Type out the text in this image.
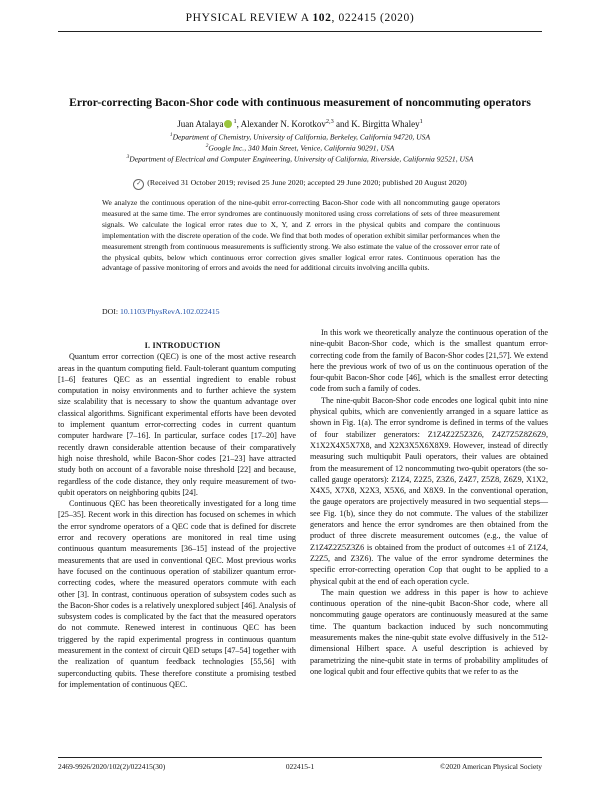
PHYSICAL REVIEW A 102, 022415 (2020)
Error-correcting Bacon-Shor code with continuous measurement of noncommuting operators
Juan Atalaya $^1$, Alexander N. Korotkov$^{2,3}$ and K. Birgitta Whaley$^1$
$^1$Department of Chemistry, University of California, Berkeley, California 94720, USA
$^2$Google Inc., 340 Main Street, Venice, California 90291, USA
$^3$Department of Electrical and Computer Engineering, University of California, Riverside, California 92521, USA
✓ (Received 31 October 2019; revised 25 June 2020; accepted 29 June 2020; published 20 August 2020)
We analyze the continuous operation of the nine-qubit error-correcting Bacon-Shor code with all noncommuting gauge operators measured at the same time. The error syndromes are continuously monitored using cross correlations of sets of three measurement signals. We calculate the logical error rates due to X, Y, and Z errors in the physical qubits and compare the continuous implementation with the discrete operation of the code. We find that both modes of operation exhibit similar performances when the measurement strength from continuous measurements is sufficiently strong. We also estimate the value of the crossover error rate of the physical qubits, below which continuous error correction gives smaller logical error rates. Continuous operation has the advantage of passive monitoring of errors and avoids the need for additional circuits involving ancilla qubits.
DOI: 10.1103/PhysRevA.102.022415

I. INTRODUCTION

Quantum error correction (QEC) is one of the most active research areas in the quantum computing field. Fault-tolerant quantum computing [1–6] features QEC as an essential ingredient to enable robust computation in noisy environments and to further achieve the system size scalability that is necessary to show the quantum advantage over classical algorithms. Significant experimental efforts have been devoted to implement quantum error-correcting codes in current quantum computer hardware [7–16]. In particular, surface codes [17–20] have recently drawn considerable attention because of their comparatively high noise threshold, while Bacon-Shor codes [21–23] have attracted study both on account of a favorable noise threshold [22] and because, regardless of the code distance, they only require measurement of two-qubit operators on neighboring qubits [24].

Continuous QEC has been theoretically investigated for a long time [25–35]. Recent work in this direction has focused on schemes in which the error syndrome operators of a QEC code that is defined for discrete error and recovery operations are monitored in real time using continuous quantum measurements [36–15] instead of the projective measurements that are used in conventional QEC. Most previous works have focused on the continuous operation of stabilizer quantum error-correcting codes, where the measured operators commute with each other [3]. In contrast, continuous operation of subsystem codes such as the Bacon-Shor codes is a relatively unexplored subject [46]. Analysis of subsystem codes is complicated by the fact that the measured operators do not commute. Renewed interest in continuous QEC has been triggered by the rapid experimental progress in continuous quantum measurement in the context of circuit QED setups [47–54] together with the realization of quantum feedback technologies [55,56] with superconducting qubits. These therefore constitute a promising testbed for implementation of continuous QEC.

In this work we theoretically analyze the continuous operation of the nine-qubit Bacon-Shor code, which is the smallest quantum error-correcting code from the family of Bacon-Shor codes [21,57]. We extend here the previous work of two of us on the continuous operation of the four-qubit Bacon-Shor code [46], which is the smallest error detecting code from such a family of codes.

The nine-qubit Bacon-Shor code encodes one logical qubit into nine physical qubits, which are conveniently arranged in a square lattice as shown in Fig. 1(a). The error syndrome is defined in terms of the values of four stabilizer generators: Z1Z4Z2Z5Z3Z6, Z4Z7Z5Z8Z6Z9, X1X2X4X5X7X8, and X2X3X5X6X8X9. However, instead of directly measuring such multiqubit Pauli operators, their values are obtained from the measurement of 12 noncommuting two-qubit operators (the so-called gauge operators): Z1Z4, Z2Z5, Z3Z6, Z4Z7, Z5Z8, Z6Z9, X1X2, X4X5, X7X8, X2X3, X5X6, and X8X9. In the conventional operation, the gauge operators are projectively measured in two sequential steps—see Fig. 1(b), since they do not commute. The values of the stabilizer generators and hence the error syndromes are then obtained from the product of three discrete measurement outcomes (e.g., the value of Z1Z4Z2Z5Z3Z6 is obtained from the product of outcomes ±1 of Z1Z4, Z2Z5, and Z3Z6). The value of the error syndrome determines the specific error-correcting operation Cop that ought to be applied to a physical qubit at the end of each operation cycle.

The main question we address in this paper is how to achieve continuous operation of the nine-qubit Bacon-Shor code, where all noncommuting gauge operators are continuously measured at the same time. The quantum backaction induced by such noncommuting measurements makes the nine-qubit state evolve diffusively in the 512-dimensional Hilbert space. A useful description is achieved by parametrizing the nine-qubit state in terms of probability amplitudes of one logical qubit and four effective qubits that we refer to as the

2469-9926/2020/102(2)/022415(30)	022415-1	©2020 American Physical Society
